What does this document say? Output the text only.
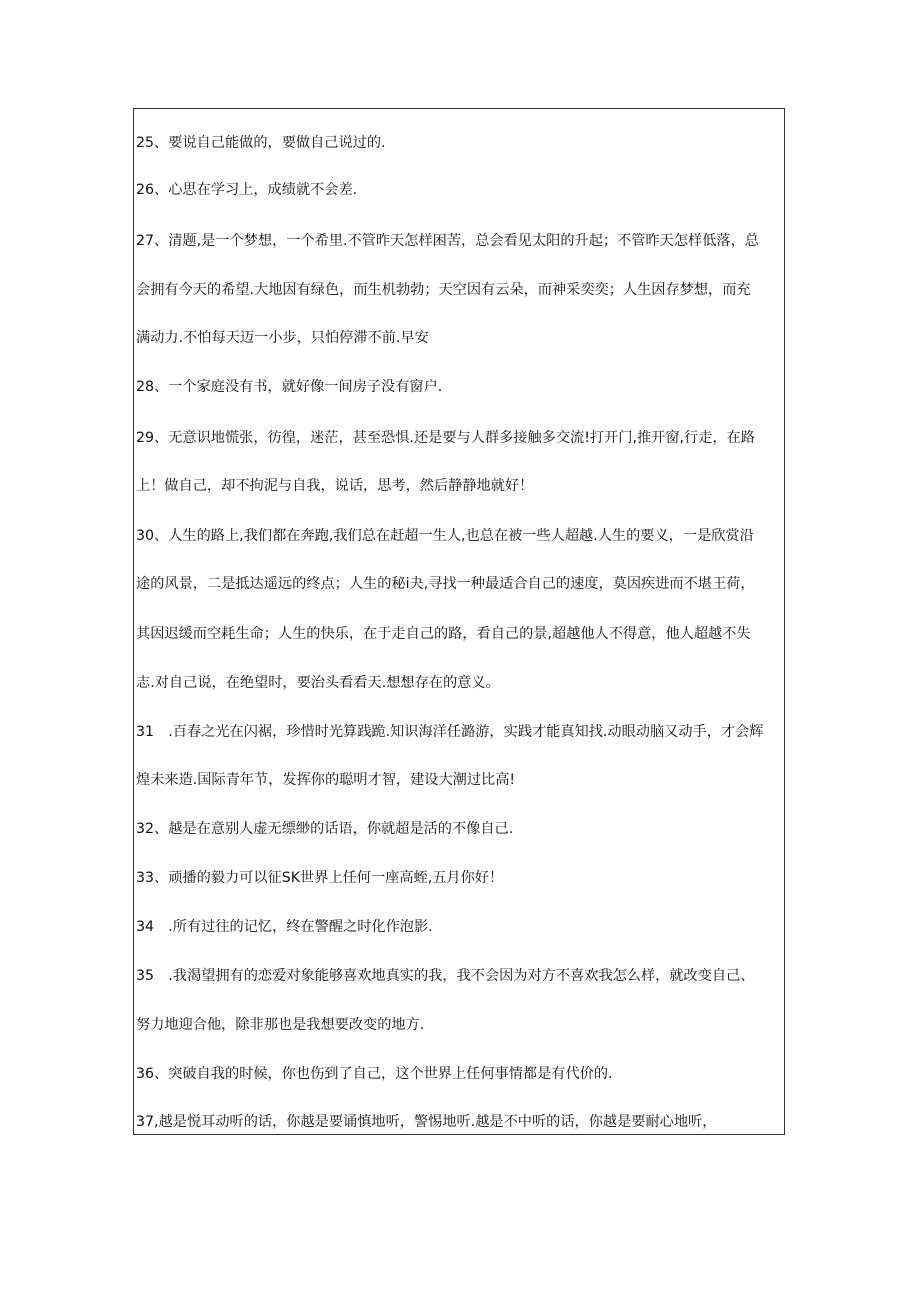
25、要说自己能做的，要做自己说过的.
26、心思在学习上，成绩就不会差.
27、清题,是一个梦想，一个希里.不管昨天怎样困苦，总会看见太阳的升起；不管昨天怎样低落，总
会拥有今天的希望.大地因有绿色，而生机勃勃；天空因有云朵，而神采奕奕；人生因存梦想，而充
满动力.不怕每天迈一小步，只怕停滞不前.早安
28、一个家庭没有书，就好像一间房子没有窗户.
29、无意识地慌张，彷徨，迷茫，甚至恐惧.还是要与人群多接触多交流!打开门,推开窗,行走，在路
上！做自己，却不拘泥与自我，说话，思考，然后静静地就好！
30、人生的路上,我们都在奔跑,我们总在赶超一生人,也总在被一些人超越.人生的要义，一是欣赏沿
途的风景，二是抵达遥远的终点；人生的秘i夬,寻找一种最适合自己的速度，莫因疾进而不堪王荷，
其因迟缓而空耗生命；人生的快乐，在于走自己的路，看自己的景,超越他人不得意，他人超越不失
志.对自己说，在绝望时，要治头看看天.想想存在的意义。
31　.百春之光在闪裾，珍惜时光算践跪.知识海洋任潞游，实践才能真知找.动眼动脑又动手，才会辉
煌未来造.国际青年节，发挥你的聪明才智，建设大潮过比高!
32、越是在意别人虚无缥缈的话语，你就超是活的不像自己.
33、顽播的毅力可以征SK世界上任何一座高蛭,五月你好！
34　.所有过往的记忆，终在警醒之时化作泡影.
35　.我渴望拥有的恋爱对象能够喜欢地真实的我，我不会因为对方不喜欢我怎么样，就改变自己、
努力地迎合他，除非那也是我想要改变的地方.
36、突破自我的时候，你也伤到了自己，这个世界上任何事情都是有代价的.
37,越是悦耳动听的话，你越是要诵慎地听，警惕地听.越是不中听的话，你越是要耐心地听，
